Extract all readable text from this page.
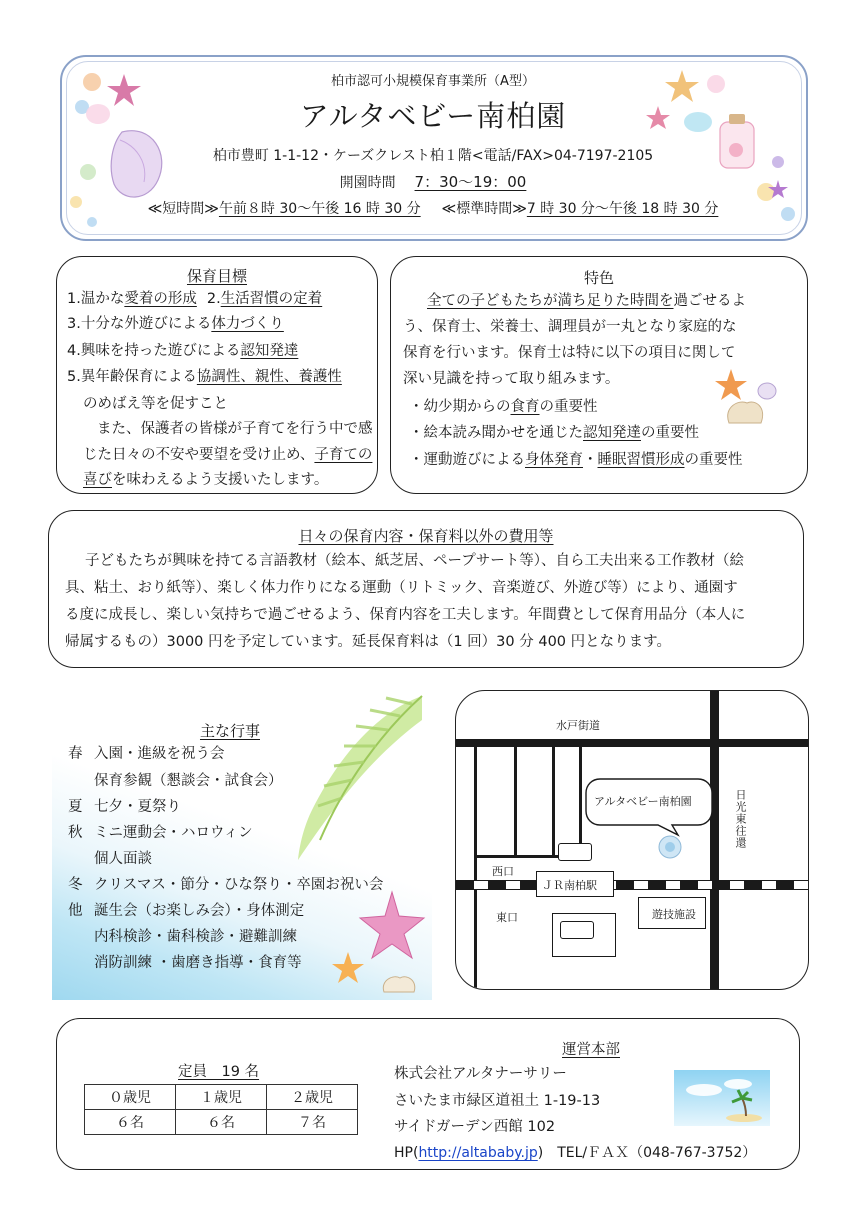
柏市認可小規模保育事業所（A型）
アルタベビー南柏園
柏市豊町 1-1-12・ケーズクレスト柏１階<電話/FAX>04-7197-2105
開園時間 7：30～19：00
≪短時間≫午前８時 30～午後 16 時 30 分 ≪標準時間≫7 時 30 分～午後 18 時 30 分
保育目標
1.温かな愛着の形成 2.生活習慣の定着
3.十分な外遊びによる体力づくり
4.興味を持った遊びによる認知発達
5.異年齢保育による協調性、親性、養護性
のめばえ等を促すこと
また、保護者の皆様が子育てを行う中で感
じた日々の不安や要望を受け止め、子育ての
喜びを味わえるよう支援いたします。
特色
全ての子どもたちが満ち足りた時間を過ごせるよ
う、保育士、栄養士、調理員が一丸となり家庭的な
保育を行います。保育士は特に以下の項目に関して
深い見識を持って取り組みます。
・幼少期からの食育の重要性
・絵本読み聞かせを通じた認知発達の重要性
・運動遊びによる身体発育・睡眠習慣形成の重要性
日々の保育内容・保育料以外の費用等
子どもたちが興味を持てる言語教材（絵本、紙芝居、ペープサート等）、自ら工夫出来る工作教材（絵
具、粘土、おり紙等）、楽しく体力作りになる運動（リトミック、音楽遊び、外遊び等）により、通園す
る度に成長し、楽しい気持ちで過ごせるよう、保育内容を工夫します。年間費として保育用品分（本人に
帰属するもの）3000 円を予定しています。延長保育料は（1 回）30 分 400 円となります。
主な行事
春 入園・進級を祝う会
保育参観（懇談会・試食会）
夏 七夕・夏祭り
秋 ミニ運動会・ハロウィン
個人面談
冬 クリスマス・節分・ひな祭り・卒園お祝い会
他 誕生会（お楽しみ会）・身体測定
内科検診・歯科検診・避難訓練
消防訓練 ・歯磨き指導・食育等
ＪＲ南柏駅
遊技施設
水戸街道
日光東往還
西口
東口
アルタベビー南柏園
定員　19 名
０歳児	１歳児	２歳児
６名	６名	７名
運営本部
株式会社アルタナーサリー
さいたま市緑区道祖土 1-19-13
サイドガーデン西館 102
HP(http://altababy.jp) TEL/ＦＡＸ（048-767-3752）
